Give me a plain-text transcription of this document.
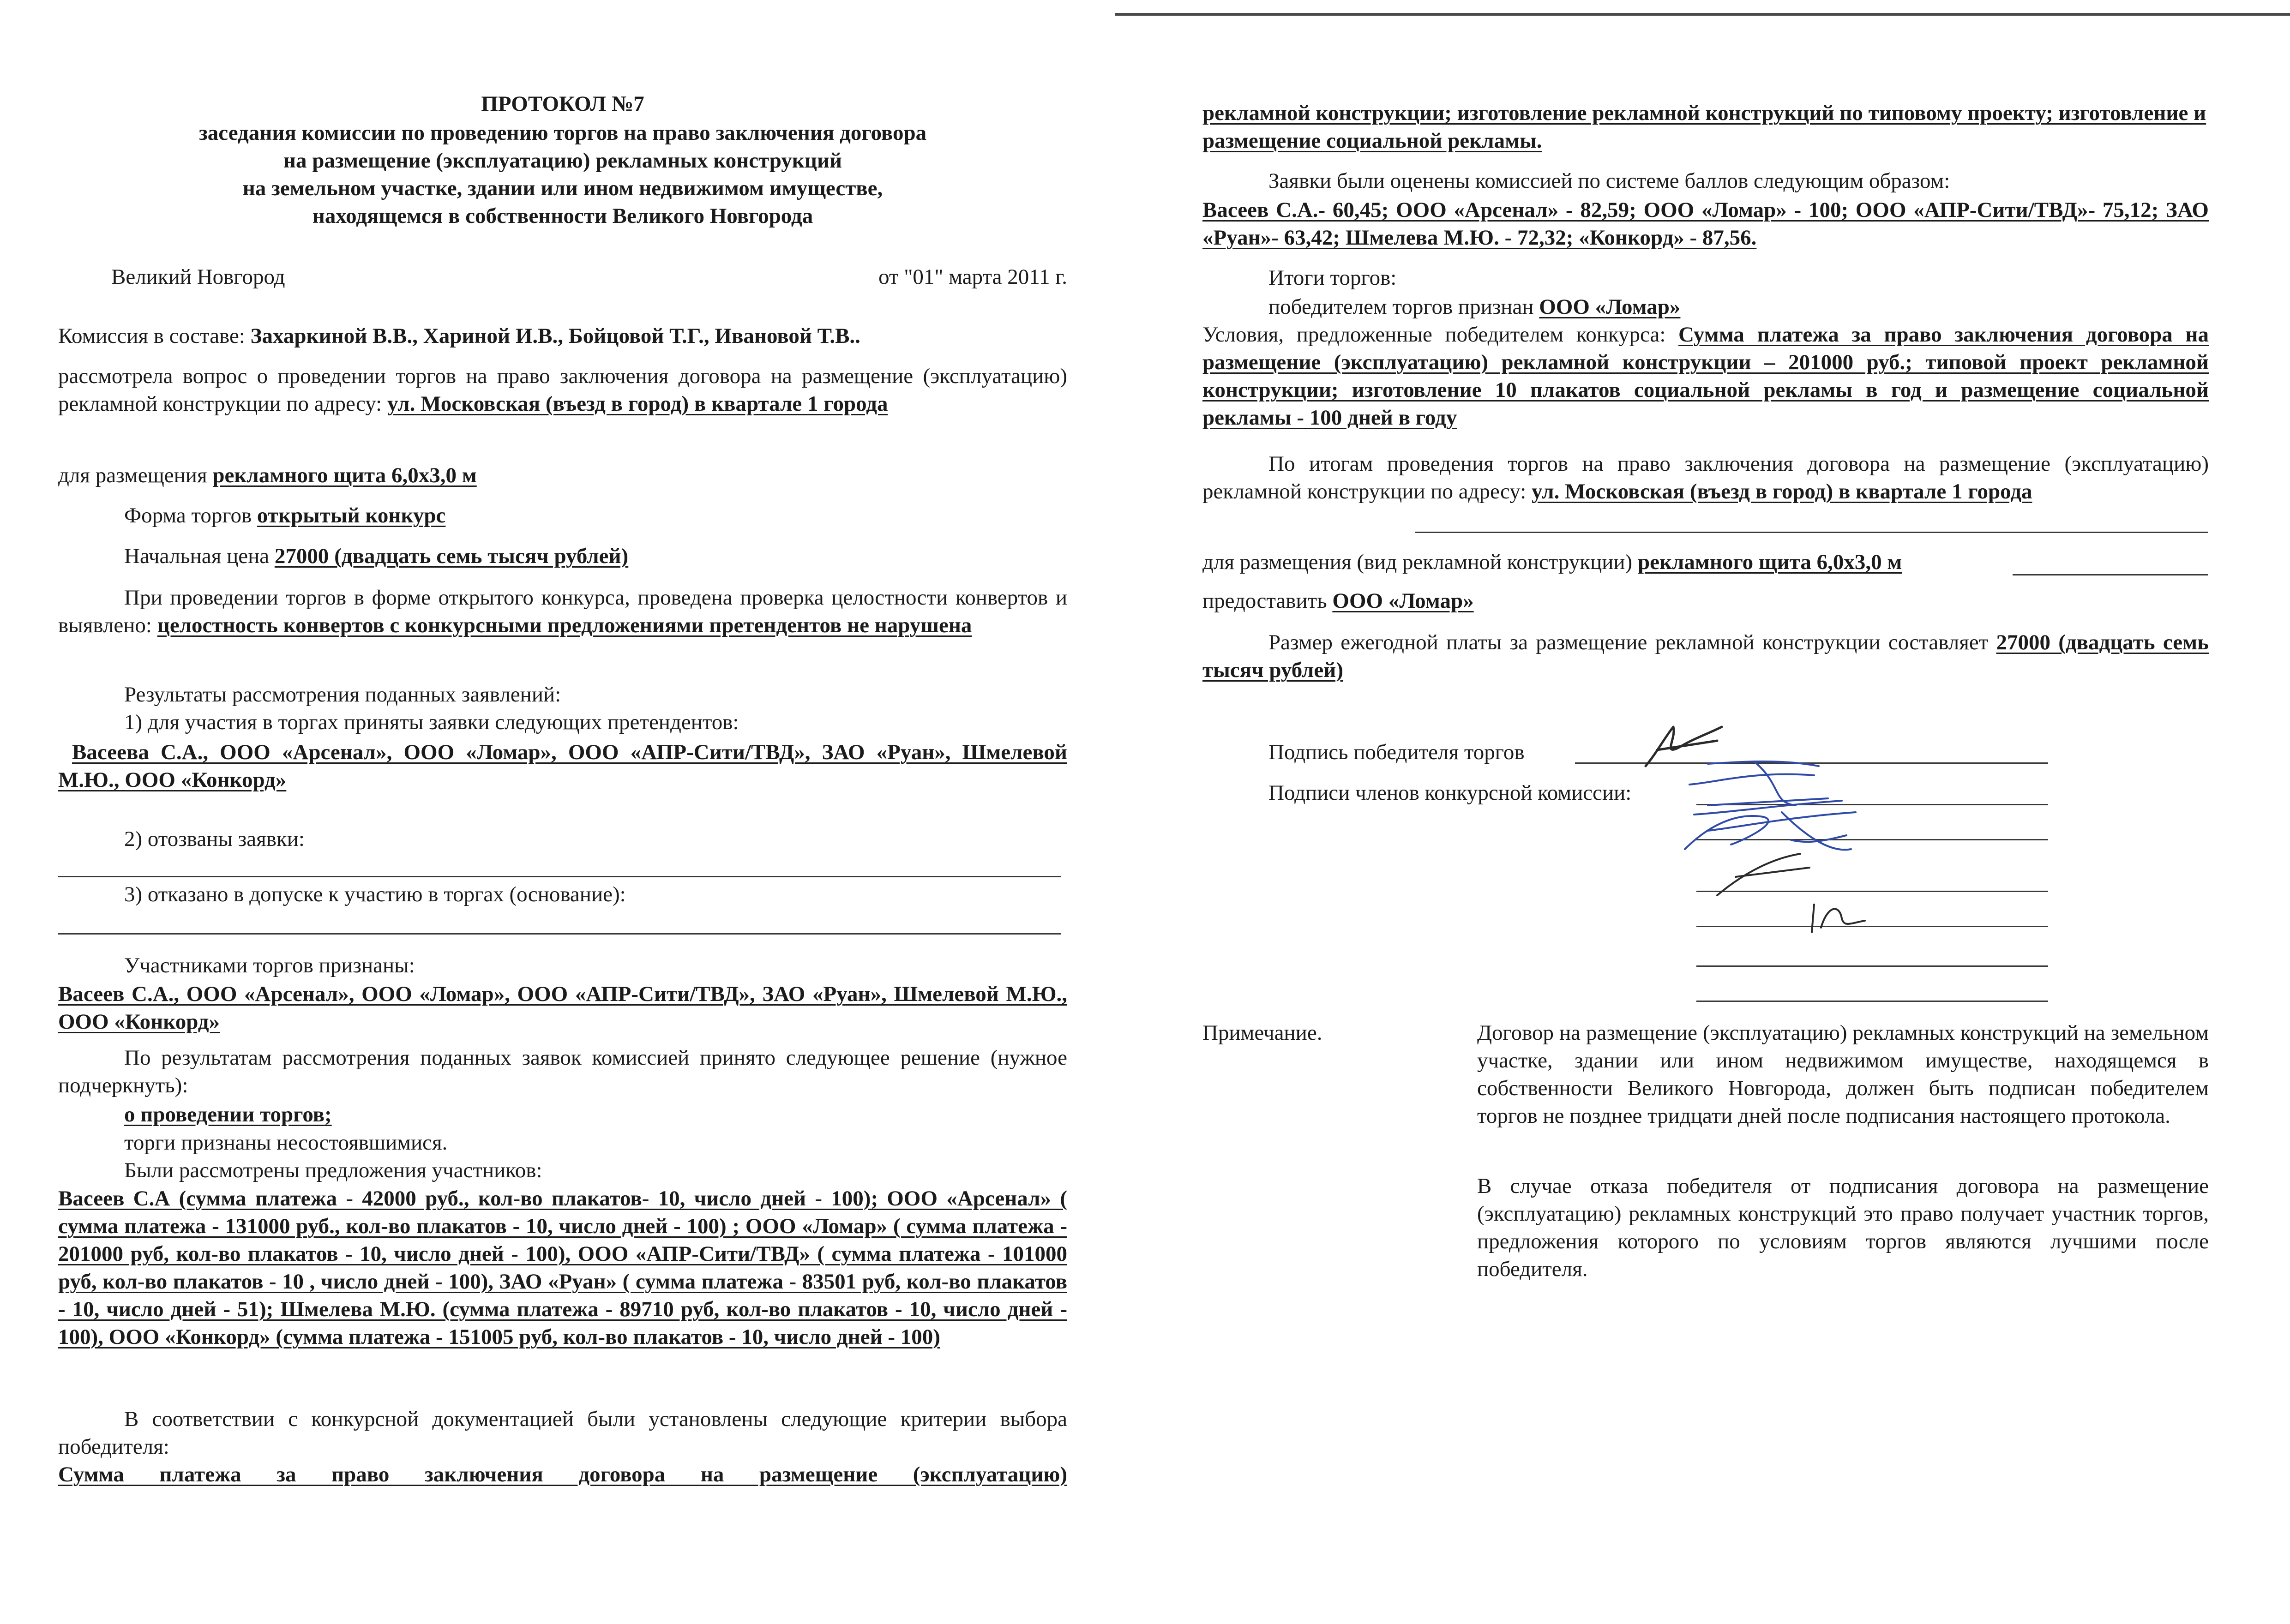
ПРОТОКОЛ №7
заседания комиссии по проведению торгов на право заключения договора
на размещение (эксплуатацию) рекламных конструкций
на земельном участке, здании или ином недвижимом имуществе,
находящемся в собственности Великого Новгорода
Великий Новгород	от "01" марта 2011 г.
Комиссия в составе: Захаркиной В.В., Хариной И.В., Бойцовой Т.Г., Ивановой Т.В..
рассмотрела вопрос о проведении торгов на право заключения договора на размещение (эксплуатацию) рекламной конструкции по адресу: ул. Московская (въезд в город) в квартале 1 города
для размещения рекламного щита 6,0х3,0 м
Форма торгов открытый конкурс
Начальная цена 27000 (двадцать семь тысяч рублей)
При проведении торгов в форме открытого конкурса, проведена проверка целостности конвертов и выявлено: целостность конвертов с конкурсными предложениями претендентов не нарушена
Результаты рассмотрения поданных заявлений:
1) для участия в торгах приняты заявки следующих претендентов:
Васеева С.А., ООО «Арсенал», ООО «Ломар», ООО «АПР-Сити/ТВД», ЗАО «Руан», Шмелевой М.Ю., ООО «Конкорд»
2) отозваны заявки:
3) отказано в допуске к участию в торгах (основание):
Участниками торгов признаны:
Васеев С.А., ООО «Арсенал», ООО «Ломар», ООО «АПР-Сити/ТВД», ЗАО «Руан», Шмелевой М.Ю., ООО «Конкорд»
По результатам рассмотрения поданных заявок комиссией принято следующее решение (нужное подчеркнуть):
о проведении торгов;
торги признаны несостоявшимися.
Были рассмотрены предложения участников:
Васеев С.А (сумма платежа - 42000 руб., кол-во плакатов- 10, число дней - 100); ООО «Арсенал» ( сумма платежа - 131000 руб., кол-во плакатов - 10, число дней - 100) ; ООО «Ломар» ( сумма платежа - 201000 руб, кол-во плакатов - 10, число дней - 100), ООО «АПР-Сити/ТВД» ( сумма платежа - 101000 руб, кол-во плакатов - 10 , число дней - 100), ЗАО «Руан» ( сумма платежа - 83501 руб, кол-во плакатов - 10, число дней - 51); Шмелева М.Ю. (сумма платежа - 89710 руб, кол-во плакатов - 10, число дней - 100), ООО «Конкорд» (сумма платежа - 151005 руб, кол-во плакатов - 10, число дней - 100)
В соответствии с конкурсной документацией были установлены следующие критерии выбора победителя:
Сумма платежа за право заключения договора на размещение (эксплуатацию)
рекламной конструкции; изготовление рекламной конструкций по типовому проекту; изготовление и размещение социальной рекламы.
Заявки были оценены комиссией по системе баллов следующим образом:
Васеев С.А.- 60,45; ООО «Арсенал» - 82,59; ООО «Ломар» - 100; ООО «АПР-Сити/ТВД»- 75,12; ЗАО «Руан»- 63,42; Шмелева М.Ю. - 72,32; «Конкорд» - 87,56.
Итоги торгов:
победителем торгов признан ООО «Ломар»
Условия, предложенные победителем конкурса: Сумма платежа за право заключения договора на размещение (эксплуатацию) рекламной конструкции – 201000 руб.; типовой проект рекламной конструкции; изготовление 10 плакатов социальной рекламы в год и размещение социальной рекламы - 100 дней в году
По итогам проведения торгов на право заключения договора на размещение (эксплуатацию) рекламной конструкции по адресу: ул. Московская (въезд в город) в квартале 1 города
для размещения (вид рекламной конструкции) рекламного щита 6,0х3,0 м
предоставить ООО «Ломар»
Размер ежегодной платы за размещение рекламной конструкции составляет 27000 (двадцать семь тысяч рублей)
Подпись победителя торгов
Подписи членов конкурсной комиссии:
Примечание.	Договор на размещение (эксплуатацию) рекламных конструкций на земельном участке, здании или ином недвижимом имуществе, находящемся в собственности Великого Новгорода, должен быть подписан победителем торгов не позднее тридцати дней после подписания настоящего протокола.
В случае отказа победителя от подписания договора на размещение (эксплуатацию) рекламных конструкций это право получает участник торгов, предложения которого по условиям торгов являются лучшими после победителя.
